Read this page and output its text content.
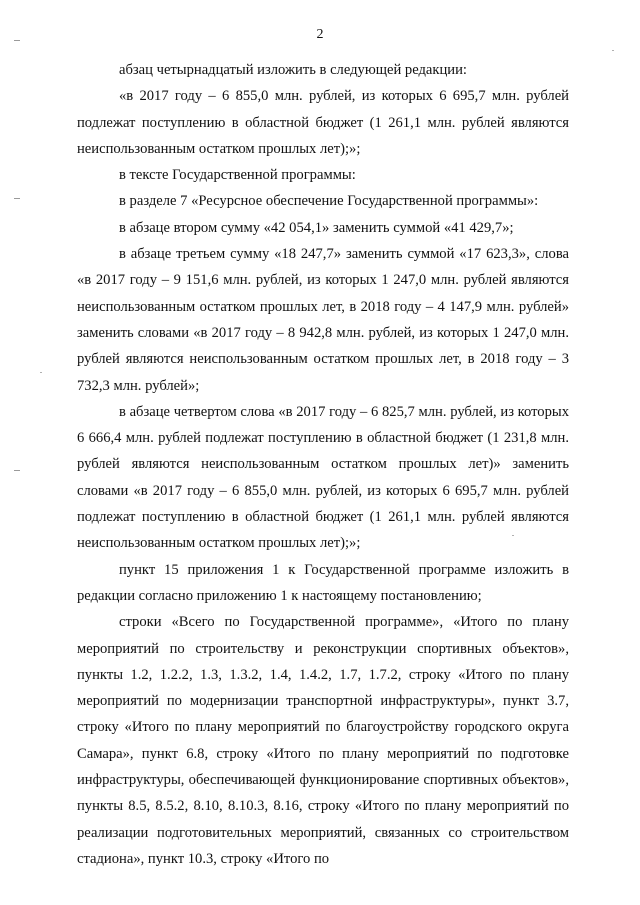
2

абзац четырнадцатый изложить в следующей редакции:

«в 2017 году – 6 855,0 млн. рублей, из которых 6 695,7 млн. рублей подлежат поступлению в областной бюджет (1 261,1 млн. рублей являются неиспользованным остатком прошлых лет);»;

в тексте Государственной программы:

в разделе 7 «Ресурсное обеспечение Государственной программы»:

в абзаце втором сумму «42 054,1» заменить суммой «41 429,7»;

в абзаце третьем сумму «18 247,7» заменить суммой «17 623,3», слова «в 2017 году – 9 151,6 млн. рублей, из которых 1 247,0 млн. рублей являются неиспользованным остатком прошлых лет, в 2018 году – 4 147,9 млн. рублей» заменить словами «в 2017 году – 8 942,8 млн. рублей, из которых 1 247,0 млн. рублей являются неиспользованным остатком прошлых лет, в 2018 году – 3 732,3 млн. рублей»;

в абзаце четвертом слова «в 2017 году – 6 825,7 млн. рублей, из которых 6 666,4 млн. рублей подлежат поступлению в областной бюджет (1 231,8 млн. рублей являются неиспользованным остатком прошлых лет)» заменить словами «в 2017 году – 6 855,0 млн. рублей, из которых 6 695,7 млн. рублей подлежат поступлению в областной бюджет (1 261,1 млн. рублей являются неиспользованным остатком прошлых лет);»;

пункт 15 приложения 1 к Государственной программе изложить в редакции согласно приложению 1 к настоящему постановлению;

строки «Всего по Государственной программе», «Итого по плану мероприятий по строительству и реконструкции спортивных объектов», пункты 1.2, 1.2.2, 1.3, 1.3.2, 1.4, 1.4.2, 1.7, 1.7.2, строку «Итого по плану мероприятий по модернизации транспортной инфраструктуры», пункт 3.7, строку «Итого по плану мероприятий по благоустройству городского округа Самара», пункт 6.8, строку «Итого по плану мероприятий по подготовке инфраструктуры, обеспечивающей функционирование спортивных объектов», пункты 8.5, 8.5.2, 8.10, 8.10.3, 8.16, строку «Итого по плану мероприятий по реализации подготовительных мероприятий, связанных со строительством стадиона», пункт 10.3, строку «Итого по
